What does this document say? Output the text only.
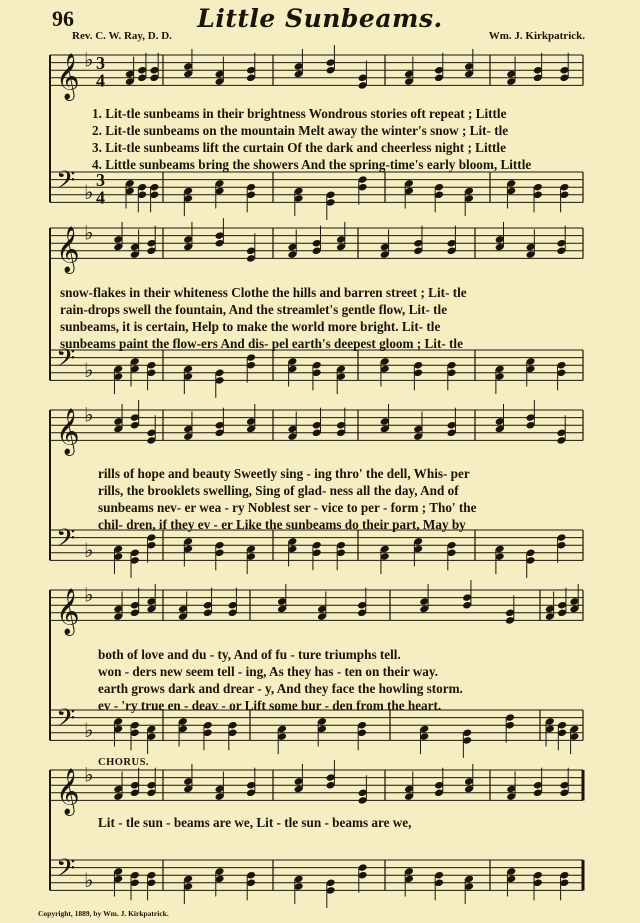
96	Little Sunbeams.
Rev. C. W. Ray, D. D.	Wm. J. Kirkpatrick.
𝄞 ♭ 3
4
𝄢 ♭ 3
4
𝄞 ♭
𝄢 ♭
𝄞 ♭
𝄢 ♭
𝄞 ♭
𝄢 ♭
𝄞 ♭
𝄢 ♭
1. Lit-tle sunbeams in their brightness Wondrous stories oft repeat ; Little
2. Lit-tle sunbeams on the mountain Melt away the winter's snow ; Lit- tle
3. Lit-tle sunbeams lift the curtain Of the dark and cheerless night ; Little
4. Little sunbeams bring the showers And the spring-time's early bloom, Little
snow-flakes in their whiteness Clothe the hills and barren street ; Lit- tle
rain-drops swell the fountain, And the streamlet's gentle flow, Lit- tle
sunbeams, it is certain, Help to make the world more bright. Lit- tle
sunbeams paint the flow-ers And dis- pel earth's deepest gloom ; Lit- tle
rills of hope and beauty Sweetly sing - ing thro' the dell, Whis- per
rills, the brooklets swelling, Sing of glad- ness all the day, And of
sunbeams nev- er wea - ry Noblest ser - vice to per - form ; Tho' the
chil- dren, if they ev - er Like the sunbeams do their part, May by
both of love and du - ty, And of fu - ture triumphs tell.
won - ders new seem tell - ing, As they has - ten on their way.
earth grows dark and drear - y, And they face the howling storm.
ev - 'ry true en - deav - or Lift some bur - den from the heart.
CHORUS.
Lit - tle sun - beams are we, Lit - tle sun - beams are we,
Copyright, 1889, by Wm. J. Kirkpatrick.
